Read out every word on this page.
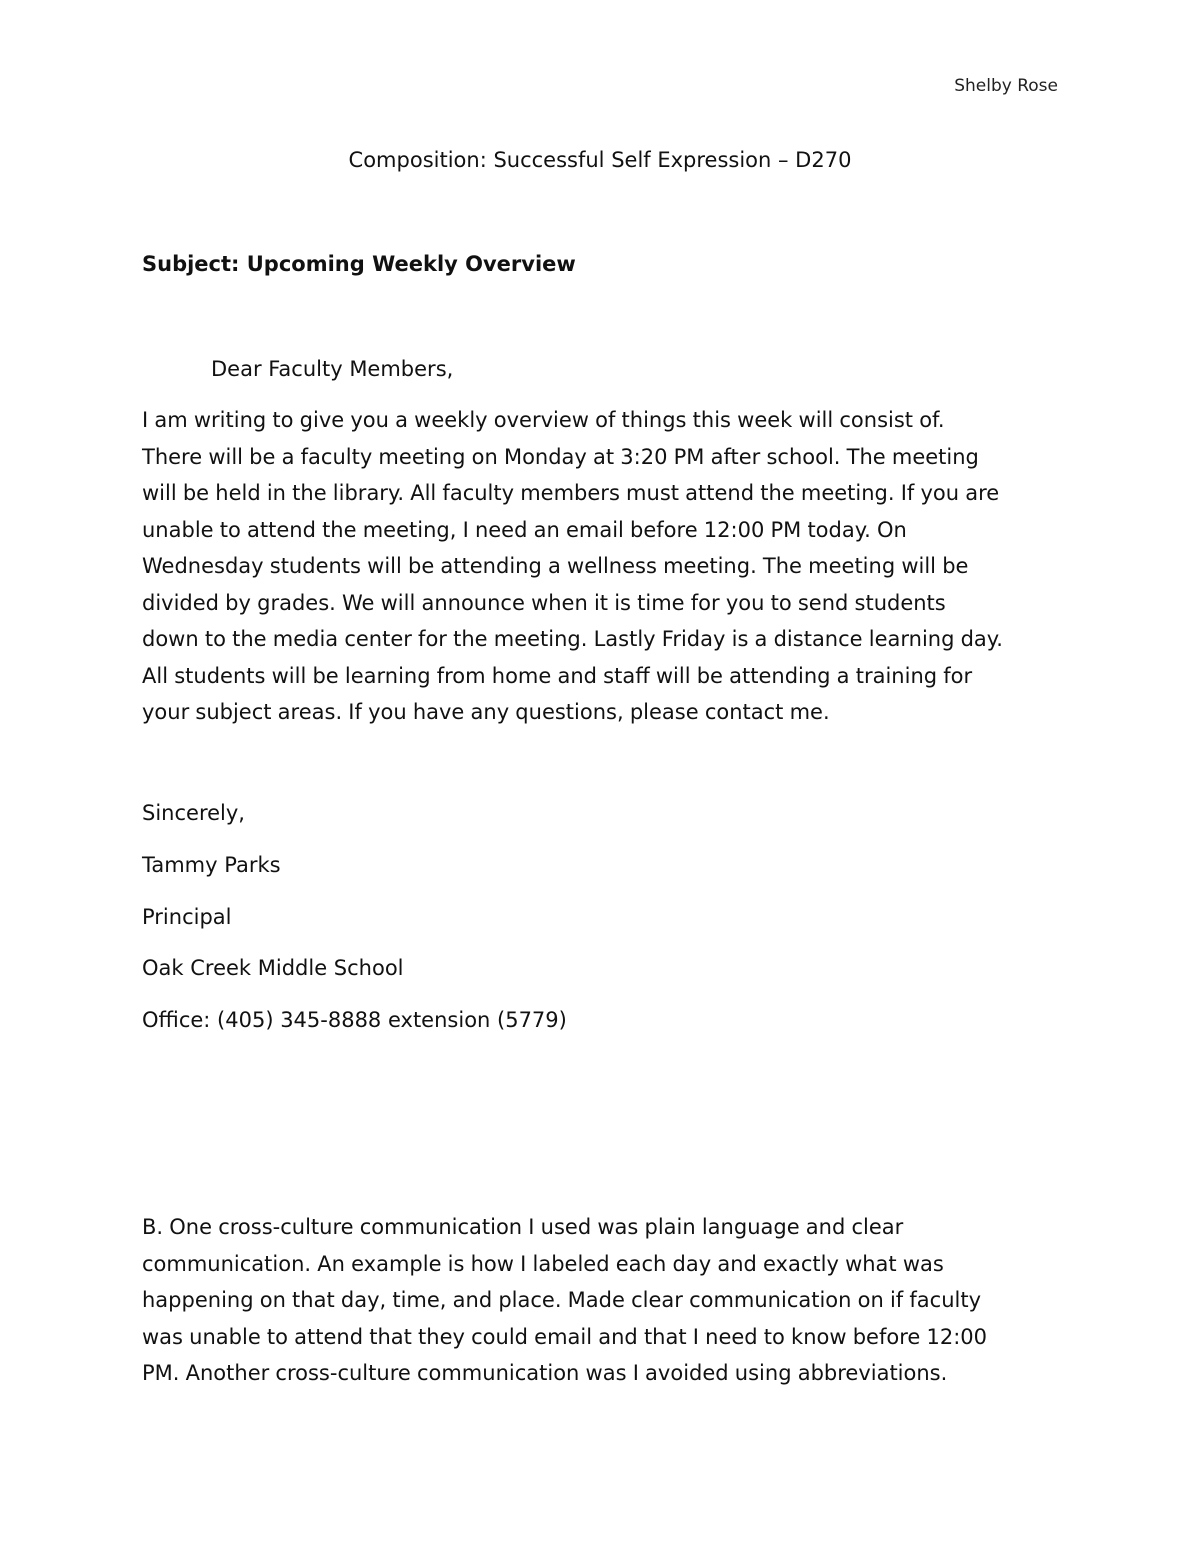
Shelby Rose
Composition: Successful Self Expression – D270
Subject: Upcoming Weekly Overview
Dear Faculty Members,
I am writing to give you a weekly overview of things this week will consist of.
There will be a faculty meeting on Monday at 3:20 PM after school. The meeting
will be held in the library. All faculty members must attend the meeting. If you are
unable to attend the meeting, I need an email before 12:00 PM today. On
Wednesday students will be attending a wellness meeting. The meeting will be
divided by grades. We will announce when it is time for you to send students
down to the media center for the meeting. Lastly Friday is a distance learning day.
All students will be learning from home and staff will be attending a training for
your subject areas. If you have any questions, please contact me.
Sincerely,
Tammy Parks
Principal
Oak Creek Middle School
Office: (405) 345-8888 extension (5779)
B. One cross-culture communication I used was plain language and clear
communication. An example is how I labeled each day and exactly what was
happening on that day, time, and place. Made clear communication on if faculty
was unable to attend that they could email and that I need to know before 12:00
PM. Another cross-culture communication was I avoided using abbreviations.
